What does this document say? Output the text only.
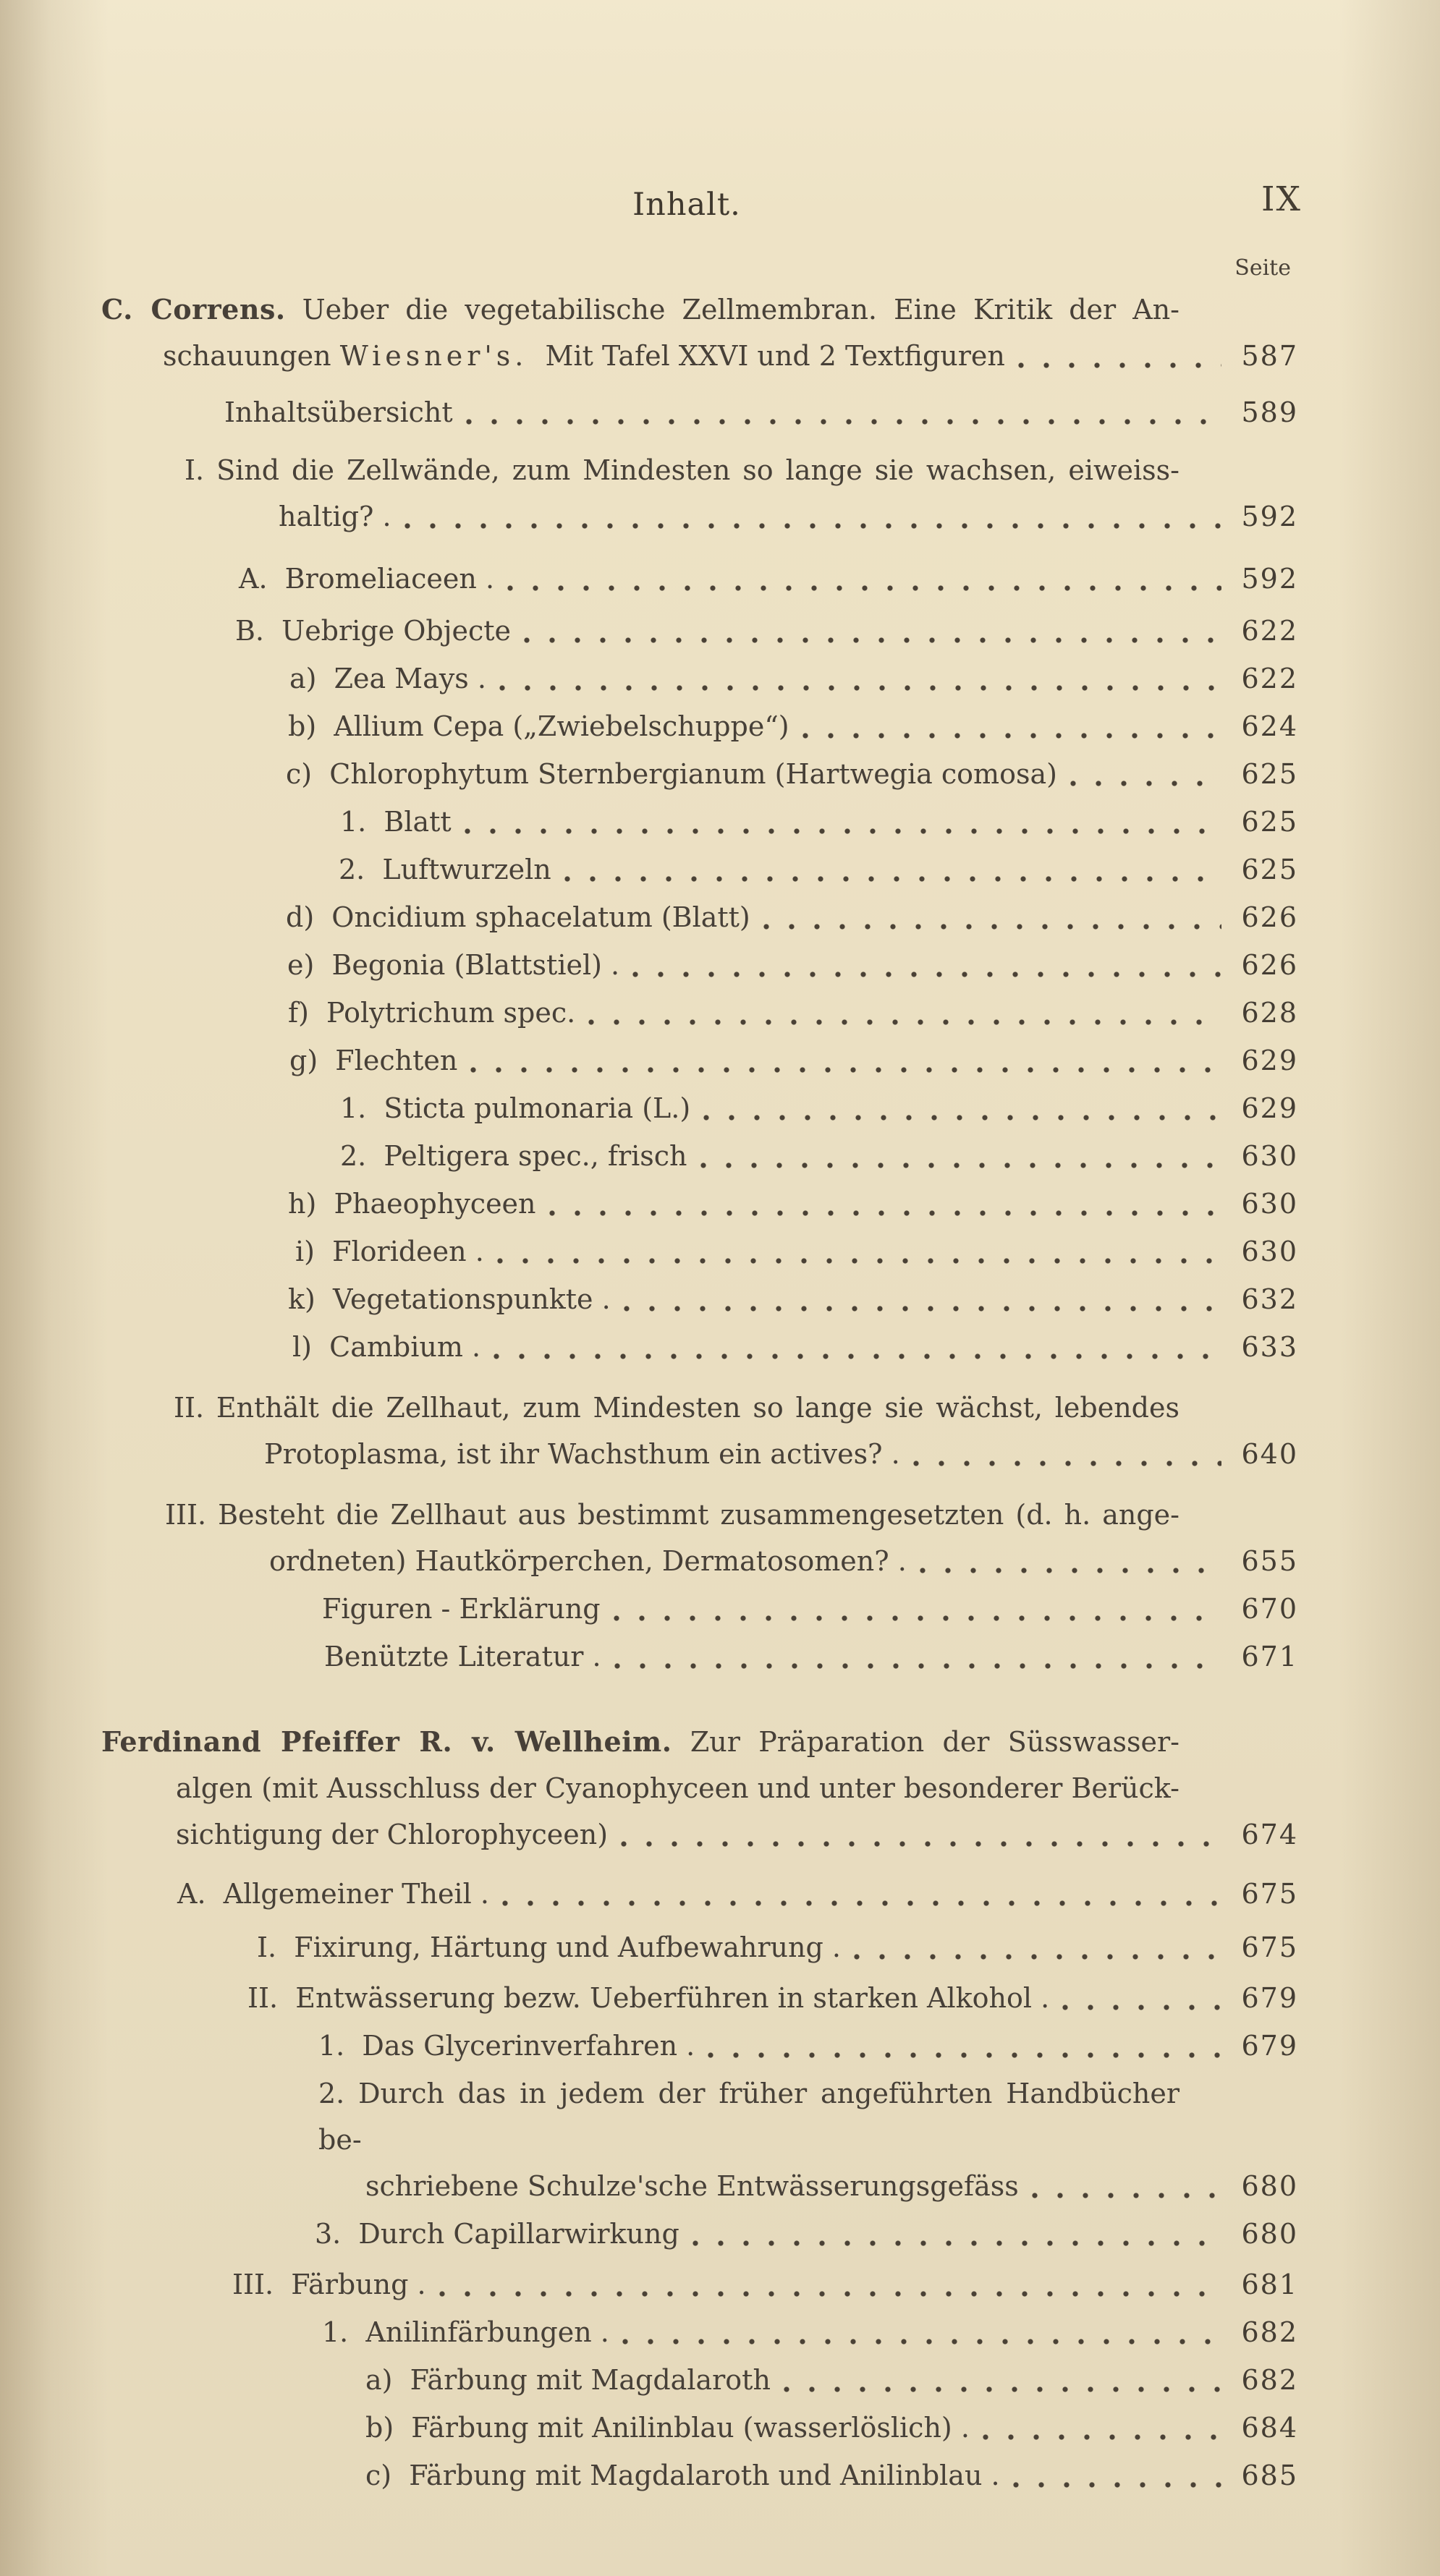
Inhalt.	IX
Seite
C. Correns. Ueber die vegetabilische Zellmembran. Eine Kritik der An-
schauungen Wiesner's. Mit Tafel XXVI und 2 Textfiguren	587
Inhaltsübersicht	589
I. Sind die Zellwände, zum Mindesten so lange sie wachsen, eiweiss-
haltig? .	592
A.  Bromeliaceen .	592
B.  Uebrige Objecte	622
a)  Zea Mays .	622
b)  Allium Cepa („Zwiebelschuppe“)	624
c)  Chlorophytum Sternbergianum (Hartwegia comosa)	625
1.  Blatt	625
2.  Luftwurzeln	625
d)  Oncidium sphacelatum (Blatt)	626
e)  Begonia (Blattstiel) .	626
f)  Polytrichum spec.	628
g)  Flechten	629
1.  Sticta pulmonaria (L.)	629
2.  Peltigera spec., frisch	630
h)  Phaeophyceen	630
i)  Florideen .	630
k)  Vegetationspunkte .	632
l)  Cambium .	633
II. Enthält die Zellhaut, zum Mindesten so lange sie wächst, lebendes
Protoplasma, ist ihr Wachsthum ein actives? .	640
III. Besteht die Zellhaut aus bestimmt zusammengesetzten (d. h. ange-
ordneten) Hautkörperchen, Dermatosomen? .	655
Figuren - Erklärung	670
Benützte Literatur .	671
Ferdinand Pfeiffer R. v. Wellheim. Zur Präparation der Süsswasser-
algen (mit Ausschluss der Cyanophyceen und unter besonderer Berück-
sichtigung der Chlorophyceen)	674
A.  Allgemeiner Theil .	675
I.  Fixirung, Härtung und Aufbewahrung .	675
II.  Entwässerung bezw. Ueberführen in starken Alkohol .	679
1.  Das Glycerinverfahren .	679
2. Durch das in jedem der früher angeführten Handbücher be-
schriebene Schulze'sche Entwässerungsgefäss	680
3.  Durch Capillarwirkung	680
III.  Färbung .	681
1.  Anilinfärbungen .	682
a)  Färbung mit Magdalaroth	682
b)  Färbung mit Anilinblau (wasserlöslich) .	684
c)  Färbung mit Magdalaroth und Anilinblau .	685
